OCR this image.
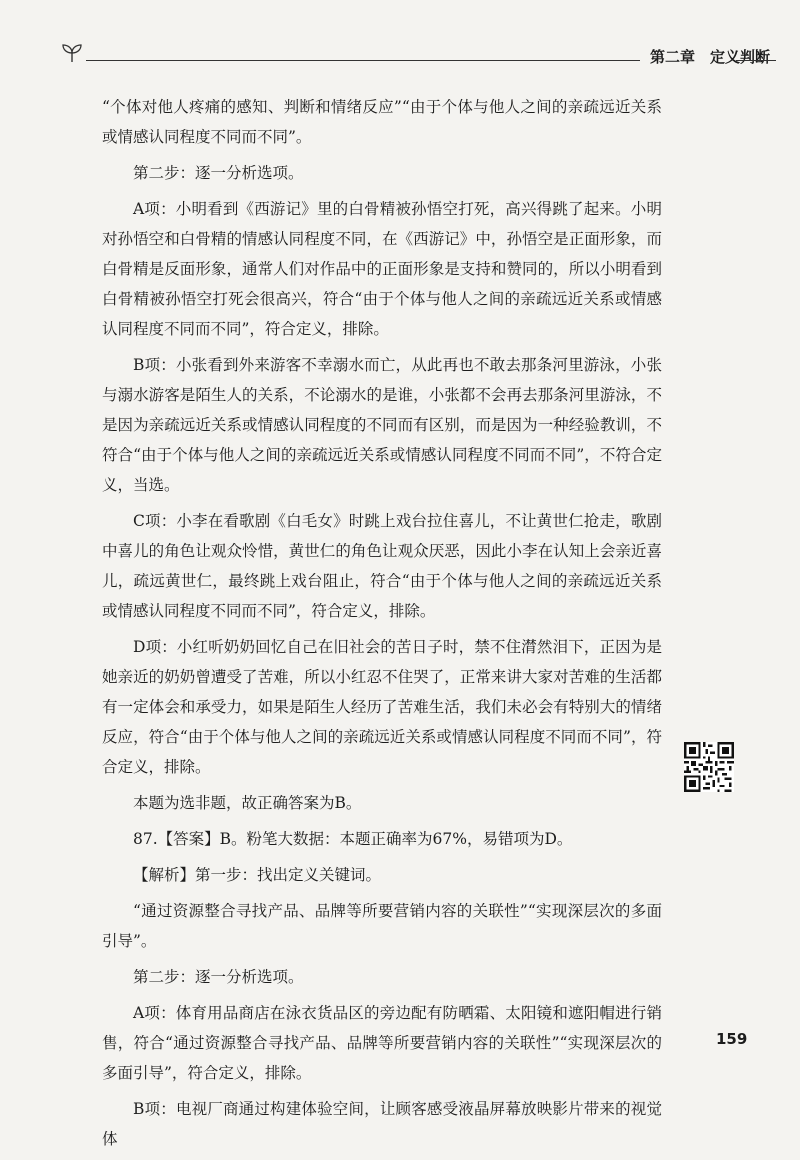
第二章　定义判断

“个体对他人疼痛的感知、判断和情绪反应”“由于个体与他人之间的亲疏远近关系或情感认同程度不同而不同”。

第二步：逐一分析选项。

A项：小明看到《西游记》里的白骨精被孙悟空打死，高兴得跳了起来。小明对孙悟空和白骨精的情感认同程度不同，在《西游记》中，孙悟空是正面形象，而白骨精是反面形象，通常人们对作品中的正面形象是支持和赞同的，所以小明看到白骨精被孙悟空打死会很高兴，符合“由于个体与他人之间的亲疏远近关系或情感认同程度不同而不同”，符合定义，排除。

B项：小张看到外来游客不幸溺水而亡，从此再也不敢去那条河里游泳，小张与溺水游客是陌生人的关系，不论溺水的是谁，小张都不会再去那条河里游泳，不是因为亲疏远近关系或情感认同程度的不同而有区别，而是因为一种经验教训，不符合“由于个体与他人之间的亲疏远近关系或情感认同程度不同而不同”，不符合定义，当选。

C项：小李在看歌剧《白毛女》时跳上戏台拉住喜儿，不让黄世仁抢走，歌剧中喜儿的角色让观众怜惜，黄世仁的角色让观众厌恶，因此小李在认知上会亲近喜儿，疏远黄世仁，最终跳上戏台阻止，符合“由于个体与他人之间的亲疏远近关系或情感认同程度不同而不同”，符合定义，排除。

D项：小红听奶奶回忆自己在旧社会的苦日子时，禁不住潸然泪下，正因为是她亲近的奶奶曾遭受了苦难，所以小红忍不住哭了，正常来讲大家对苦难的生活都有一定体会和承受力，如果是陌生人经历了苦难生活，我们未必会有特别大的情绪反应，符合“由于个体与他人之间的亲疏远近关系或情感认同程度不同而不同”，符合定义，排除。

本题为选非题，故正确答案为B。

87.【答案】B。粉笔大数据：本题正确率为67%，易错项为D。

【解析】第一步：找出定义关键词。

“通过资源整合寻找产品、品牌等所要营销内容的关联性”“实现深层次的多面引导”。

第二步：逐一分析选项。

A项：体育用品商店在泳衣货品区的旁边配有防晒霜、太阳镜和遮阳帽进行销售，符合“通过资源整合寻找产品、品牌等所要营销内容的关联性”“实现深层次的多面引导”，符合定义，排除。

B项：电视厂商通过构建体验空间，让顾客感受液晶屏幕放映影片带来的视觉体

159
